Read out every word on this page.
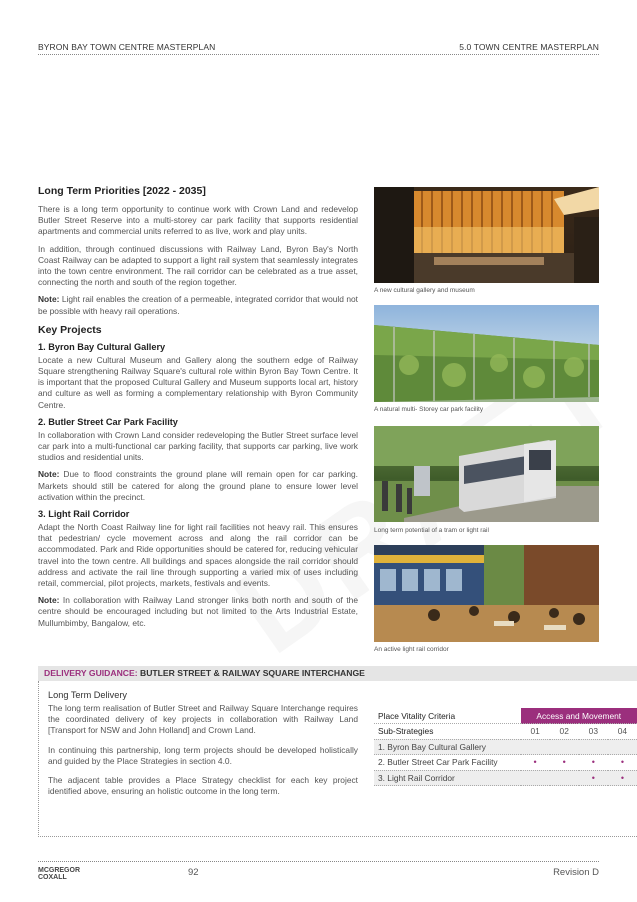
BYRON BAY TOWN CENTRE MASTERPLAN	5.0 TOWN CENTRE MASTERPLAN
Long Term Priorities [2022 - 2035]
There is a long term opportunity to continue work with Crown Land and redevelop Butler Street Reserve into a multi-storey car park facility that supports residential apartments and commercial units referred to as live, work and play units.
In addition, through continued discussions with Railway Land, Byron Bay's North Coast Railway can be adapted to support a light rail system that seamlessly integrates into the town centre environment. The rail corridor can be celebrated as a true asset, connecting the north and south of the region together.
Note: Light rail enables the creation of a permeable, integrated corridor that would not be possible with heavy rail operations.
Key Projects
1. Byron Bay Cultural Gallery
Locate a new Cultural Museum and Gallery along the southern edge of Railway Square strengthening Railway Square's cultural role within Byron Bay Town Centre. It is important that the proposed Cultural Gallery and Museum supports local art, history and culture as well as forming a complementary relationship with Byron Community Centre.
2. Butler Street Car Park Facility
In collaboration with Crown Land consider redeveloping the Butler Street surface level car park into a multi-functional car parking facility, that supports car parking, live work studios and residential units.
Note: Due to flood constraints the ground plane will remain open for car parking. Markets should still be catered for along the ground plane to ensure lower level activation within the precinct.
3. Light Rail Corridor
Adapt the North Coast Railway line for light rail facilities not heavy rail. This ensures that pedestrian/ cycle movement across and along the rail corridor can be accommodated. Park and Ride opportunities should be catered for, reducing vehicular travel into the town centre. All buildings and spaces alongside the rail corridor should address and activate the rail line through supporting a varied mix of uses including retail, commercial, pilot projects, markets, festivals and events.
Note: In collaboration with Railway Land stronger links both north and south of the centre should be encouraged including but not limited to the Arts Industrial Estate, Mullumbimby, Bangalow, etc.
A new cultural gallery and museum
A natural multi- Storey car park facility
Long term potential of a tram or light rail
An active light rail corridor
DELIVERY GUIDANCE: BUTLER STREET & RAILWAY SQUARE INTERCHANGE
Long Term Delivery
The long term realisation of Butler Street and Railway Square Interchange requires the coordinated delivery of key projects in collaboration with Railway Land [Transport for NSW and John Holland] and Crown Land.
In continuing this partnership, long term projects should be developed holistically and guided by the Place Strategies in section 4.0.
The adjacent table provides a Place Strategy checklist for each key project identified above, ensuring an holistic outcome in the long term.
Place Vitality Criteria	Access and Movement			
Sub-Strategies	01	02	03	04
1. Byron Bay Cultural Gallery				
2. Butler Street Car Park Facility	•	•	•	•
3. Light Rail Corridor			•	•
MCGREGOR
COXALL	92	Revision D
